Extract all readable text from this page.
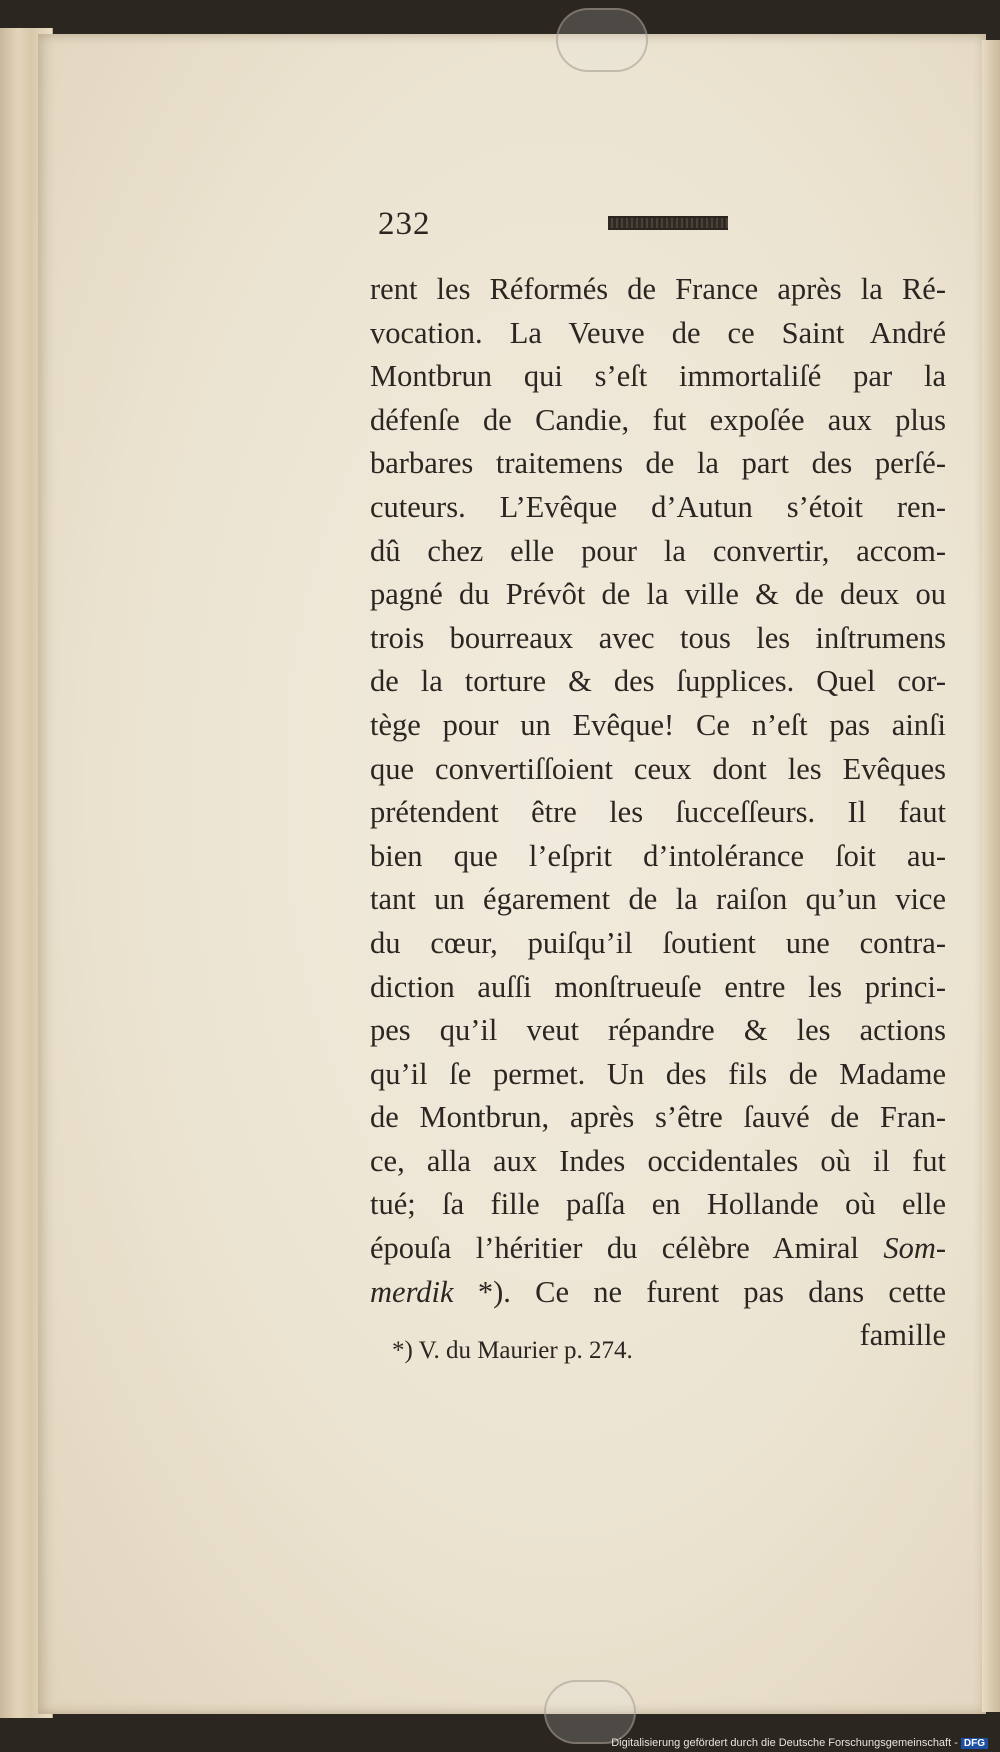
232
rent les Réformés de France après la Ré-
vocation. La Veuve de ce Saint André
Montbrun qui s’eſt immortaliſé par la
défenſe de Candie, fut expoſée aux plus
barbares traitemens de la part des perſé-
cuteurs. L’Evêque d’Autun s’étoit ren-
dû chez elle pour la convertir, accom-
pagné du Prévôt de la ville & de deux ou
trois bourreaux avec tous les inſtrumens
de la torture & des ſupplices. Quel cor-
tège pour un Evêque! Ce n’eſt pas ainſi
que convertiſſoient ceux dont les Evêques
prétendent être les ſucceſſeurs. Il faut
bien que l’eſprit d’intolérance ſoit au-
tant un égarement de la raiſon qu’un vice
du cœur, puiſqu’il ſoutient une contra-
diction auſſi monſtrueuſe entre les princi-
pes qu’il veut répandre & les actions
qu’il ſe permet. Un des fils de Madame
de Montbrun, après s’être ſauvé de Fran-
ce, alla aux Indes occidentales où il fut
tué; ſa fille paſſa en Hollande où elle
épouſa l’héritier du célèbre Amiral Som-
merdik *). Ce ne furent pas dans cette
famille
*) V. du Maurier p. 274.
Digitalisierung gefördert durch die Deutsche Forschungsgemeinschaft - DFG
